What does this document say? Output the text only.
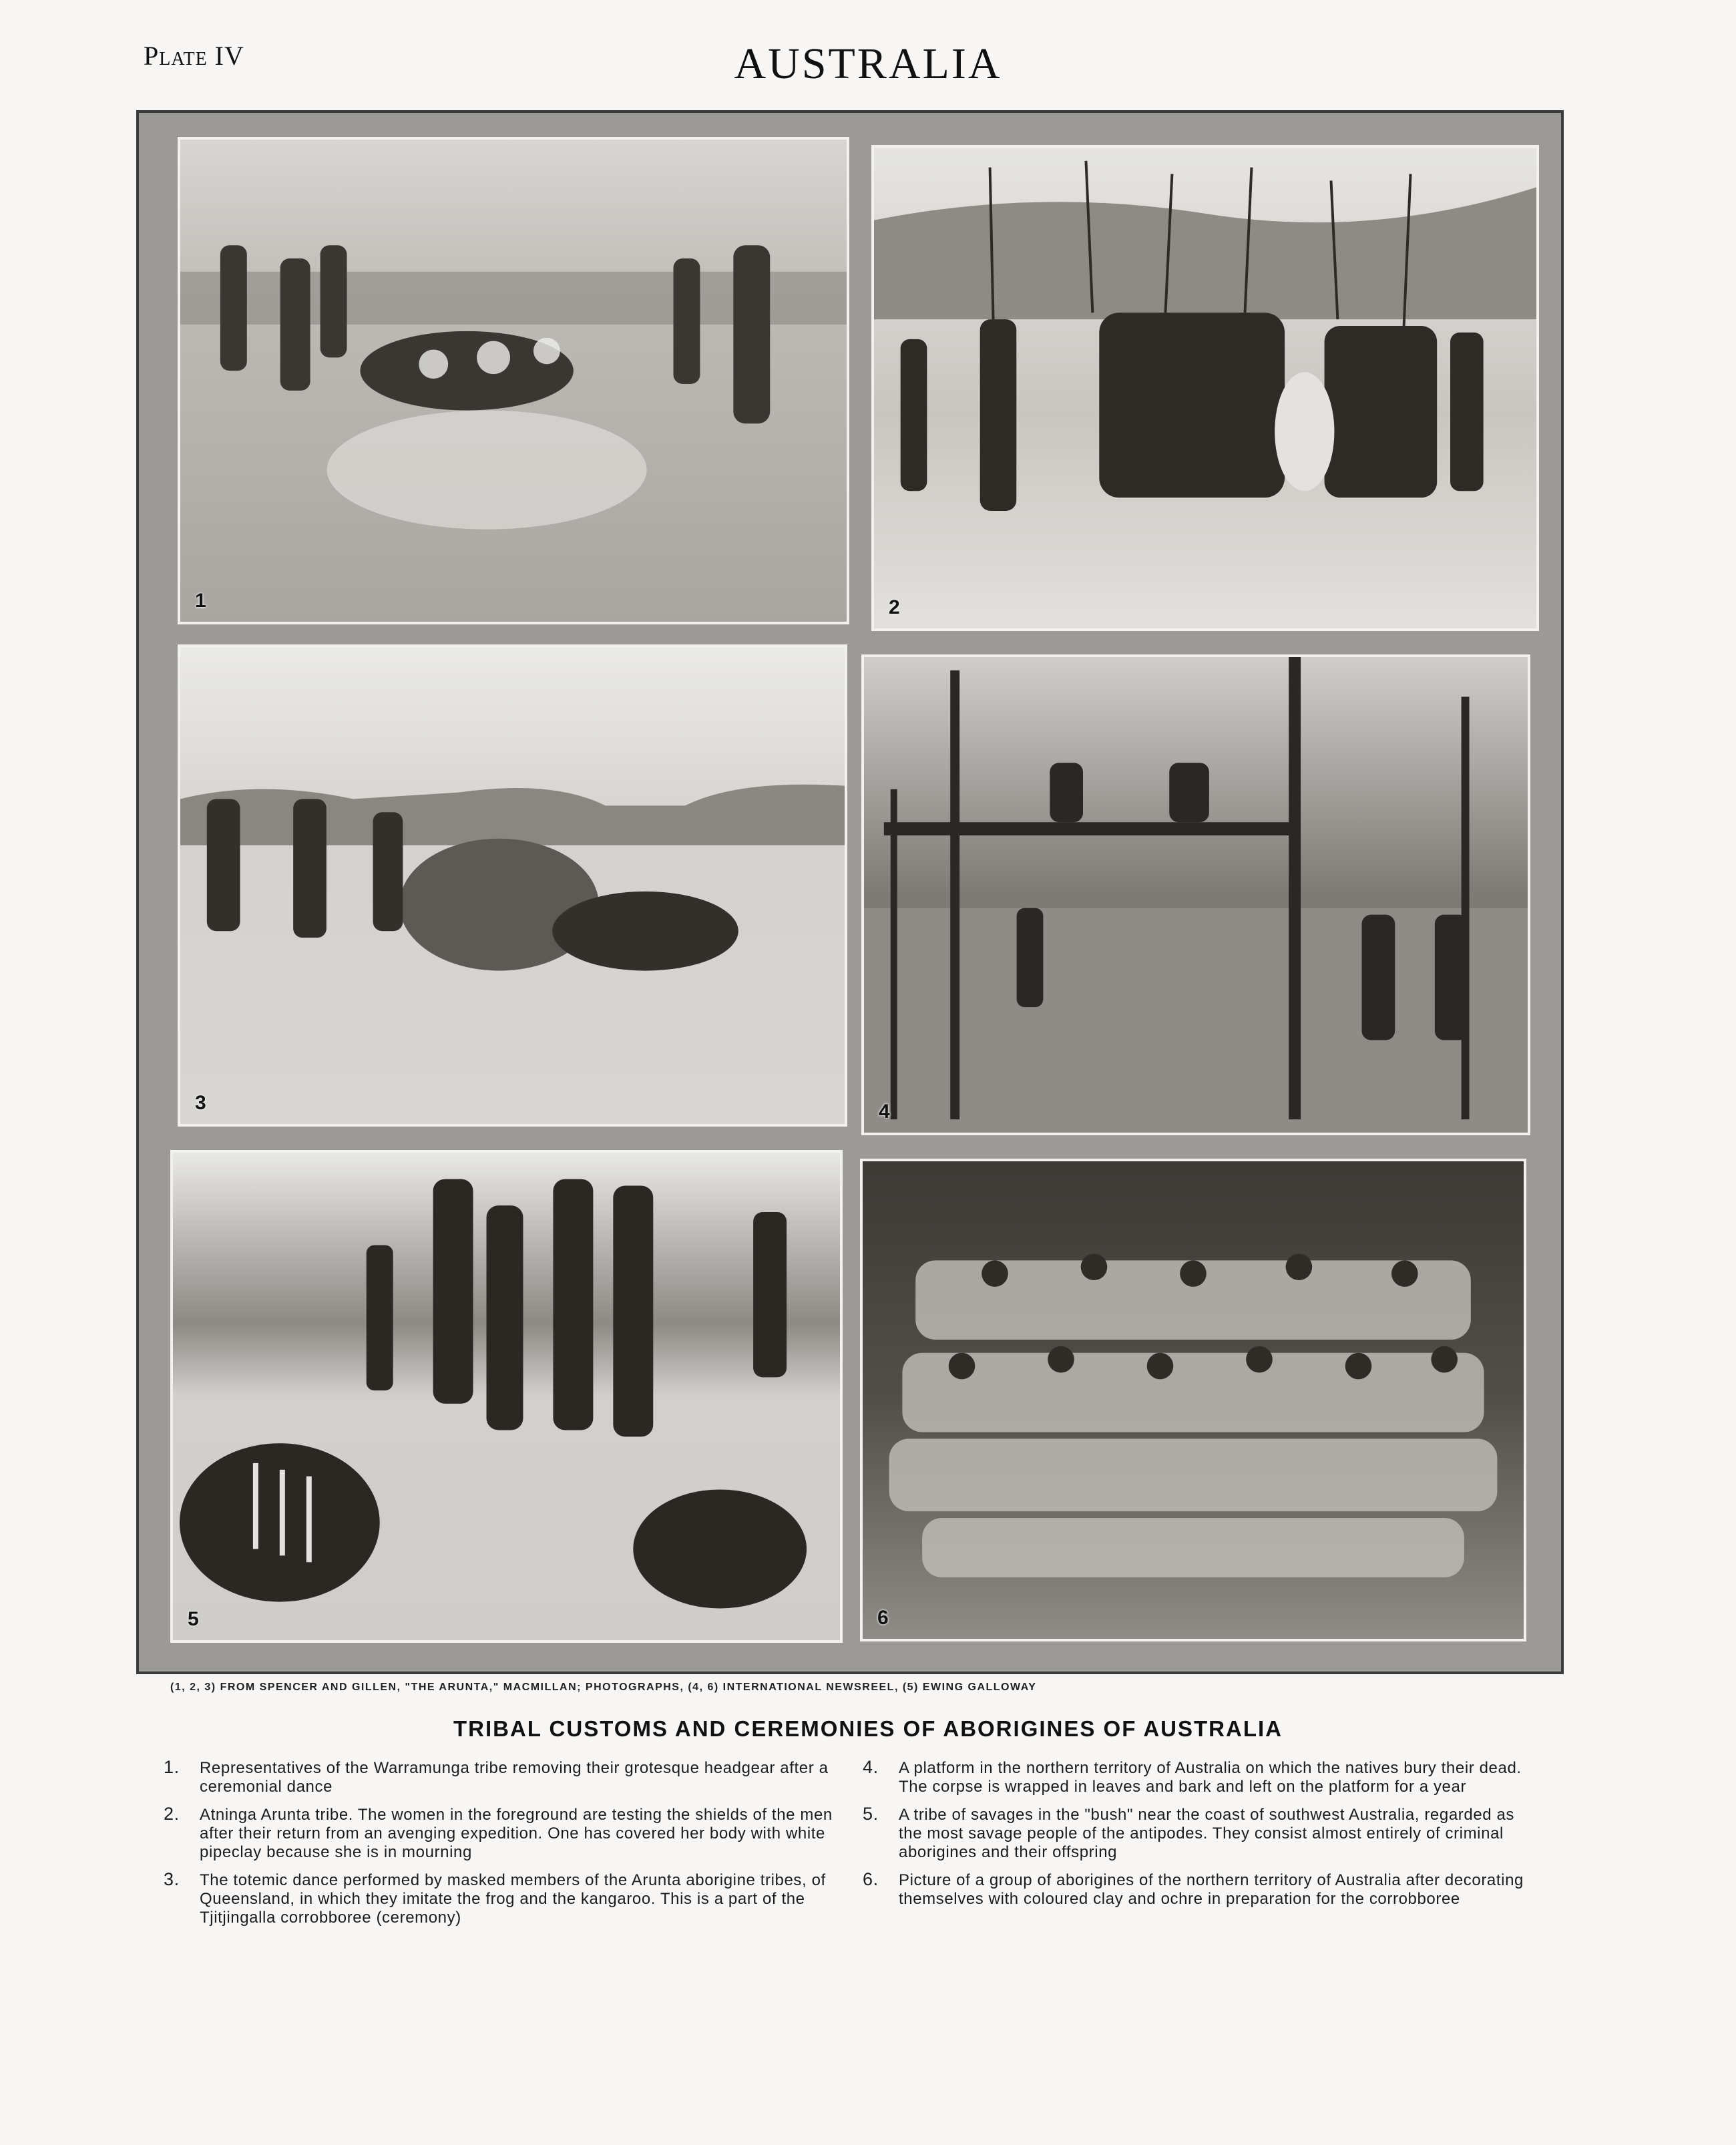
Plate IV	AUSTRALIA
1	2
3	4
5	6
(1, 2, 3) FROM SPENCER AND GILLEN, "THE ARUNTA," MACMILLAN; PHOTOGRAPHS, (4, 6) INTERNATIONAL NEWSREEL, (5) EWING GALLOWAY
TRIBAL CUSTOMS AND CEREMONIES OF ABORIGINES OF AUSTRALIA
1. Representatives of the Warramunga tribe removing their grotesque headgear after a ceremonial dance
2. Atninga Arunta tribe. The women in the foreground are testing the shields of the men after their return from an avenging expedition. One has covered her body with white pipeclay because she is in mourning
3. The totemic dance performed by masked members of the Arunta aborigine tribes, of Queensland, in which they imitate the frog and the kangaroo. This is a part of the Tjitjingalla corrobboree (ceremony)
4. A platform in the northern territory of Australia on which the natives bury their dead. The corpse is wrapped in leaves and bark and left on the platform for a year
5. A tribe of savages in the "bush" near the coast of southwest Australia, regarded as the most savage people of the antipodes. They consist almost entirely of criminal aborigines and their offspring
6. Picture of a group of aborigines of the northern territory of Australia after decorating themselves with coloured clay and ochre in preparation for the corrobboree
